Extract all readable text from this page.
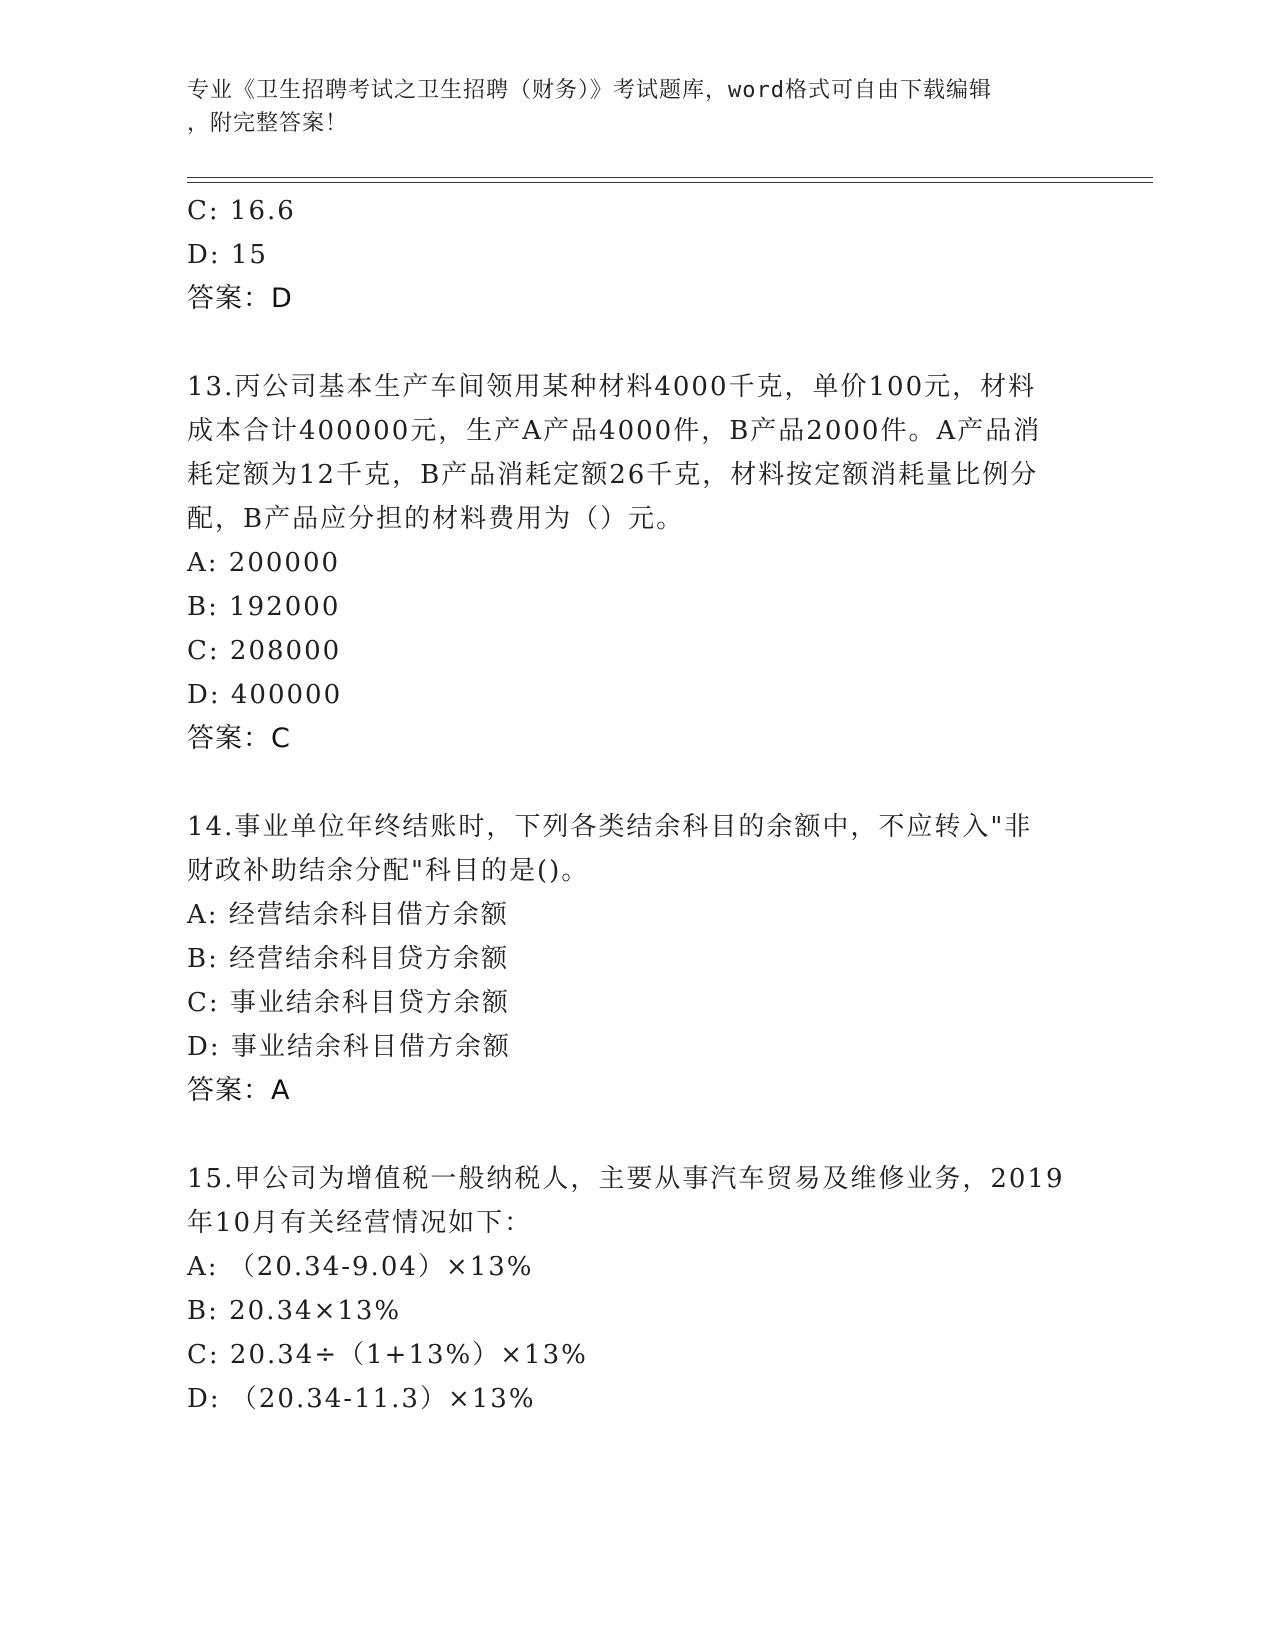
专业《卫生招聘考试之卫生招聘（财务）》考试题库，word格式可自由下载编辑
，附完整答案！
C: 16.6
D: 15
答案：D
13.丙公司基本生产车间领用某种材料4000千克，单价100元，材料
成本合计400000元，生产A产品4000件，B产品2000件。A产品消
耗定额为12千克，B产品消耗定额26千克，材料按定额消耗量比例分
配，B产品应分担的材料费用为（）元。
A: 200000
B: 192000
C: 208000
D: 400000
答案：C
14.事业单位年终结账时，下列各类结余科目的余额中，不应转入"非
财政补助结余分配"科目的是()。
A: 经营结余科目借方余额
B: 经营结余科目贷方余额
C: 事业结余科目贷方余额
D: 事业结余科目借方余额
答案：A
15.甲公司为增值税一般纳税人，主要从事汽车贸易及维修业务，2019
年10月有关经营情况如下：
A: （20.34-9.04）×13%
B: 20.34×13%
C: 20.34÷（1+13%）×13%
D: （20.34-11.3）×13%
